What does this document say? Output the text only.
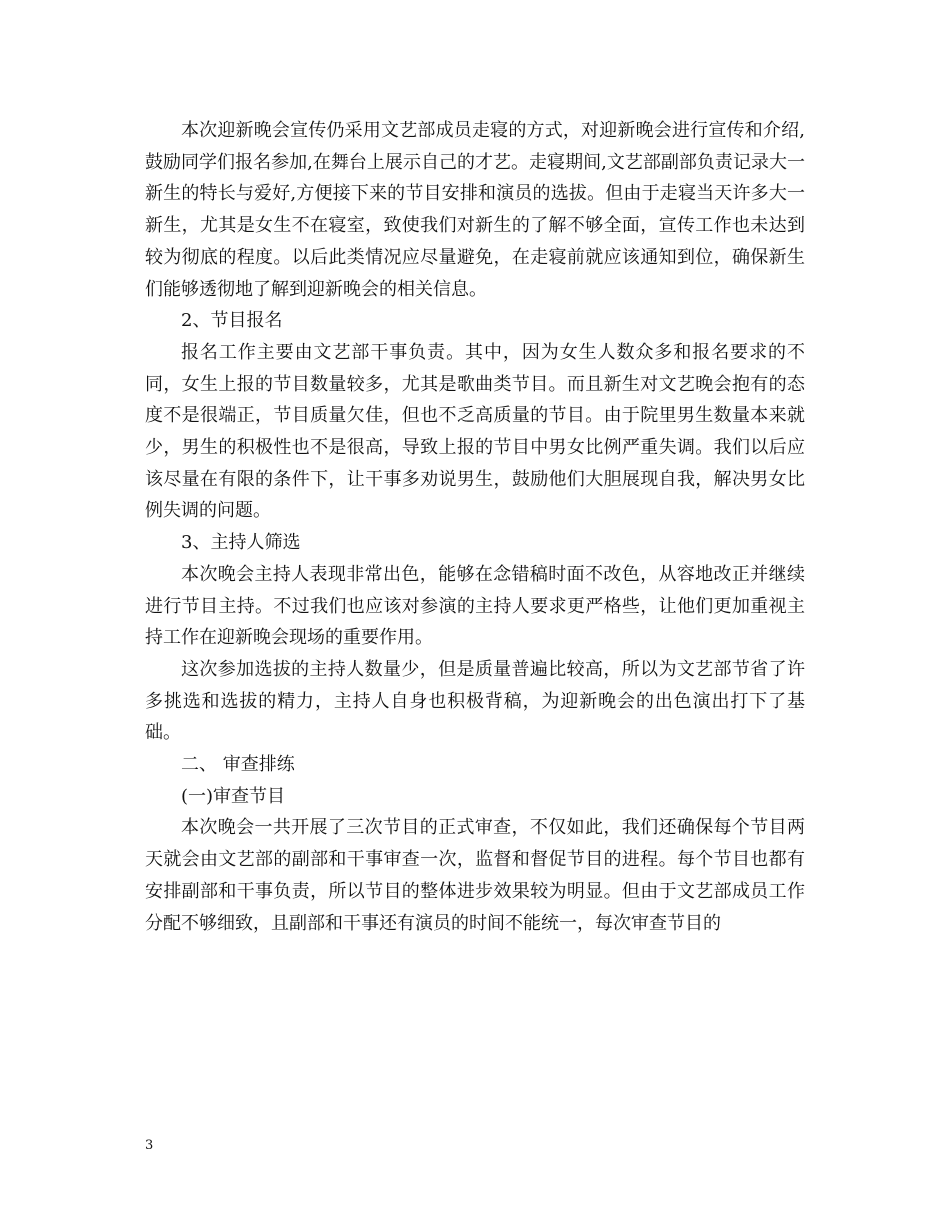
本次迎新晚会宣传仍采用文艺部成员走寝的方式，对迎新晚会进行宣传和介绍,鼓励同学们报名参加,在舞台上展示自己的才艺。走寝期间,文艺部副部负责记录大一新生的特长与爱好,方便接下来的节目安排和演员的选拔。但由于走寝当天许多大一新生，尤其是女生不在寝室，致使我们对新生的了解不够全面，宣传工作也未达到较为彻底的程度。以后此类情况应尽量避免，在走寝前就应该通知到位，确保新生们能够透彻地了解到迎新晚会的相关信息。

2、节目报名

报名工作主要由文艺部干事负责。其中，因为女生人数众多和报名要求的不同，女生上报的节目数量较多，尤其是歌曲类节目。而且新生对文艺晚会抱有的态度不是很端正，节目质量欠佳，但也不乏高质量的节目。由于院里男生数量本来就少，男生的积极性也不是很高，导致上报的节目中男女比例严重失调。我们以后应该尽量在有限的条件下，让干事多劝说男生，鼓励他们大胆展现自我，解决男女比例失调的问题。

3、主持人筛选

本次晚会主持人表现非常出色，能够在念错稿时面不改色，从容地改正并继续进行节目主持。不过我们也应该对参演的主持人要求更严格些，让他们更加重视主持工作在迎新晚会现场的重要作用。

这次参加选拔的主持人数量少，但是质量普遍比较高，所以为文艺部节省了许多挑选和选拔的精力，主持人自身也积极背稿，为迎新晚会的出色演出打下了基础。

二、 审查排练

(一)审查节目

本次晚会一共开展了三次节目的正式审查，不仅如此，我们还确保每个节目两天就会由文艺部的副部和干事审查一次，监督和督促节目的进程。每个节目也都有安排副部和干事负责，所以节目的整体进步效果较为明显。但由于文艺部成员工作分配不够细致，且副部和干事还有演员的时间不能统一，每次审查节目的

3
